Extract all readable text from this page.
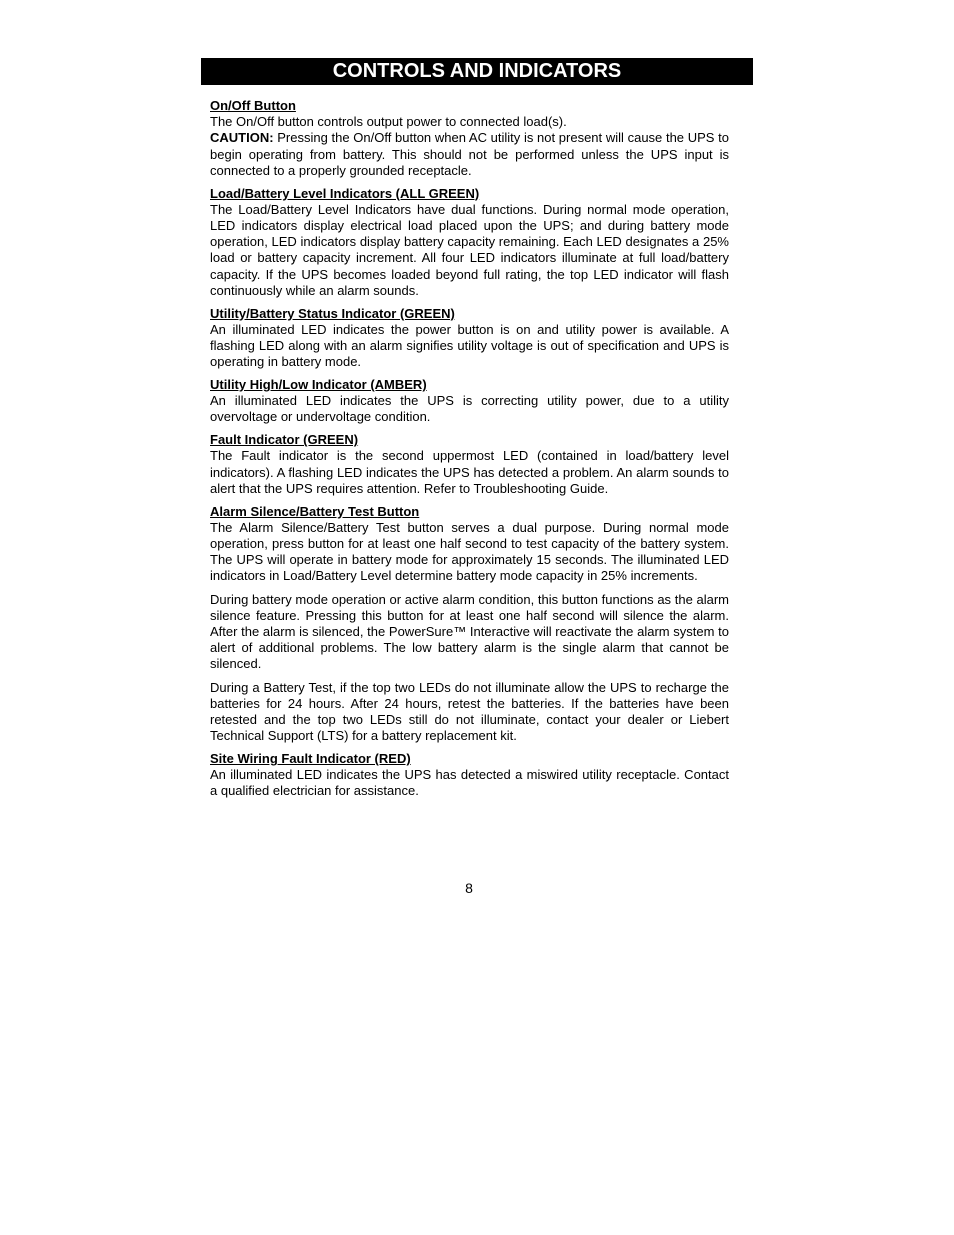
CONTROLS AND INDICATORS
On/Off Button

The On/Off button controls output power to connected load(s).

CAUTION: Pressing the On/Off button when AC utility is not present will cause the UPS to begin operating from battery. This should not be performed unless the UPS input is connected to a properly grounded receptacle.

Load/Battery Level Indicators (ALL GREEN)

The Load/Battery Level Indicators have dual functions. During normal mode operation, LED indicators display electrical load placed upon the UPS; and during battery mode operation, LED indicators display battery capacity remaining. Each LED designates a 25% load or battery capacity increment. All four LED indicators illuminate at full load/battery capacity. If the UPS becomes loaded beyond full rating, the top LED indicator will flash continuously while an alarm sounds.

Utility/Battery Status Indicator (GREEN)

An illuminated LED indicates the power button is on and utility power is available. A flashing LED along with an alarm signifies utility voltage is out of specification and UPS is operating in battery mode.

Utility High/Low Indicator (AMBER)

An illuminated LED indicates the UPS is correcting utility power, due to a utility overvoltage or undervoltage condition.

Fault Indicator (GREEN)

The Fault indicator is the second uppermost LED (contained in load/battery level indicators). A flashing LED indicates the UPS has detected a problem. An alarm sounds to alert that the UPS requires attention. Refer to Troubleshooting Guide.

Alarm Silence/Battery Test Button

The Alarm Silence/Battery Test button serves a dual purpose. During normal mode operation, press button for at least one half second to test capacity of the battery system. The UPS will operate in battery mode for approximately 15 seconds. The illuminated LED indicators in Load/Battery Level determine battery mode capacity in 25% increments.

During battery mode operation or active alarm condition, this button functions as the alarm silence feature. Pressing this button for at least one half second will silence the alarm. After the alarm is silenced, the PowerSure™ Interactive will reactivate the alarm system to alert of additional problems. The low battery alarm is the single alarm that cannot be silenced.

During a Battery Test, if the top two LEDs do not illuminate allow the UPS to recharge the batteries for 24 hours. After 24 hours, retest the batteries. If the batteries have been retested and the top two LEDs still do not illuminate, contact your dealer or Liebert Technical Support (LTS) for a battery replacement kit.

Site Wiring Fault Indicator (RED)

An illuminated LED indicates the UPS has detected a miswired utility receptacle. Contact a qualified electrician for assistance.

8
